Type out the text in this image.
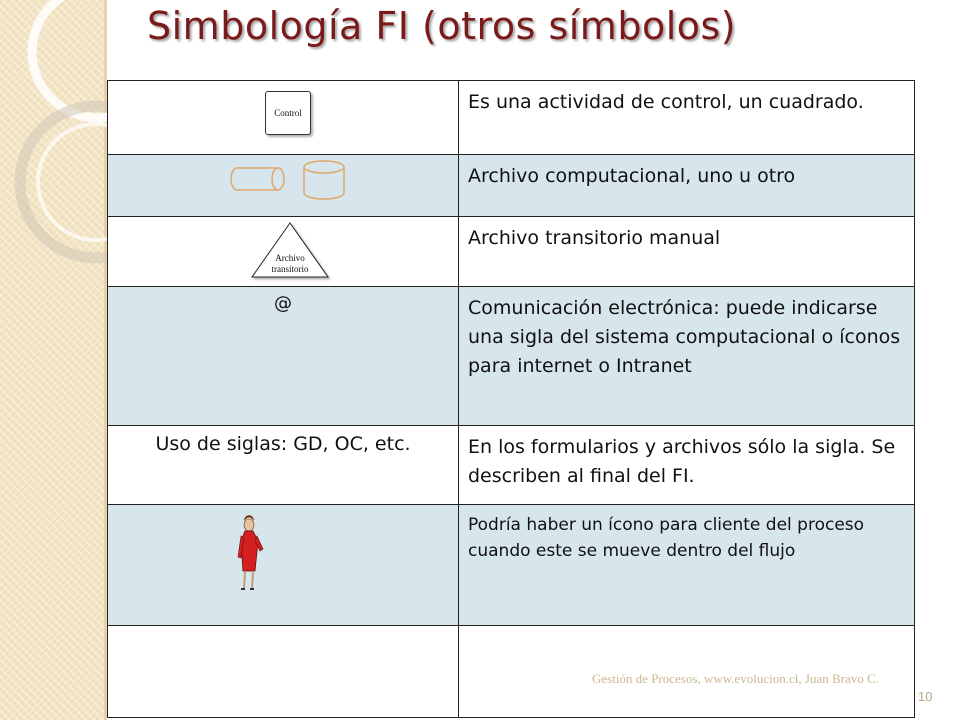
Simbología FI (otros símbolos)
Control	Es una actividad de control, un cuadrado.

	Archivo computacional, uno u otro

Archivo
transitorio	Archivo transitorio manual

@	Comunicación electrónica: puede indicarse una sigla del sistema computacional o íconos para internet o Intranet

Uso de siglas: GD, OC, etc.	En los formularios y archivos sólo la sigla. Se describen al final del FI.

	Podría haber un ícono para cliente del proceso cuando este se mueve dentro del flujo

Gestión de Procesos, www.evolucion.cl, Juan Bravo C.
10
